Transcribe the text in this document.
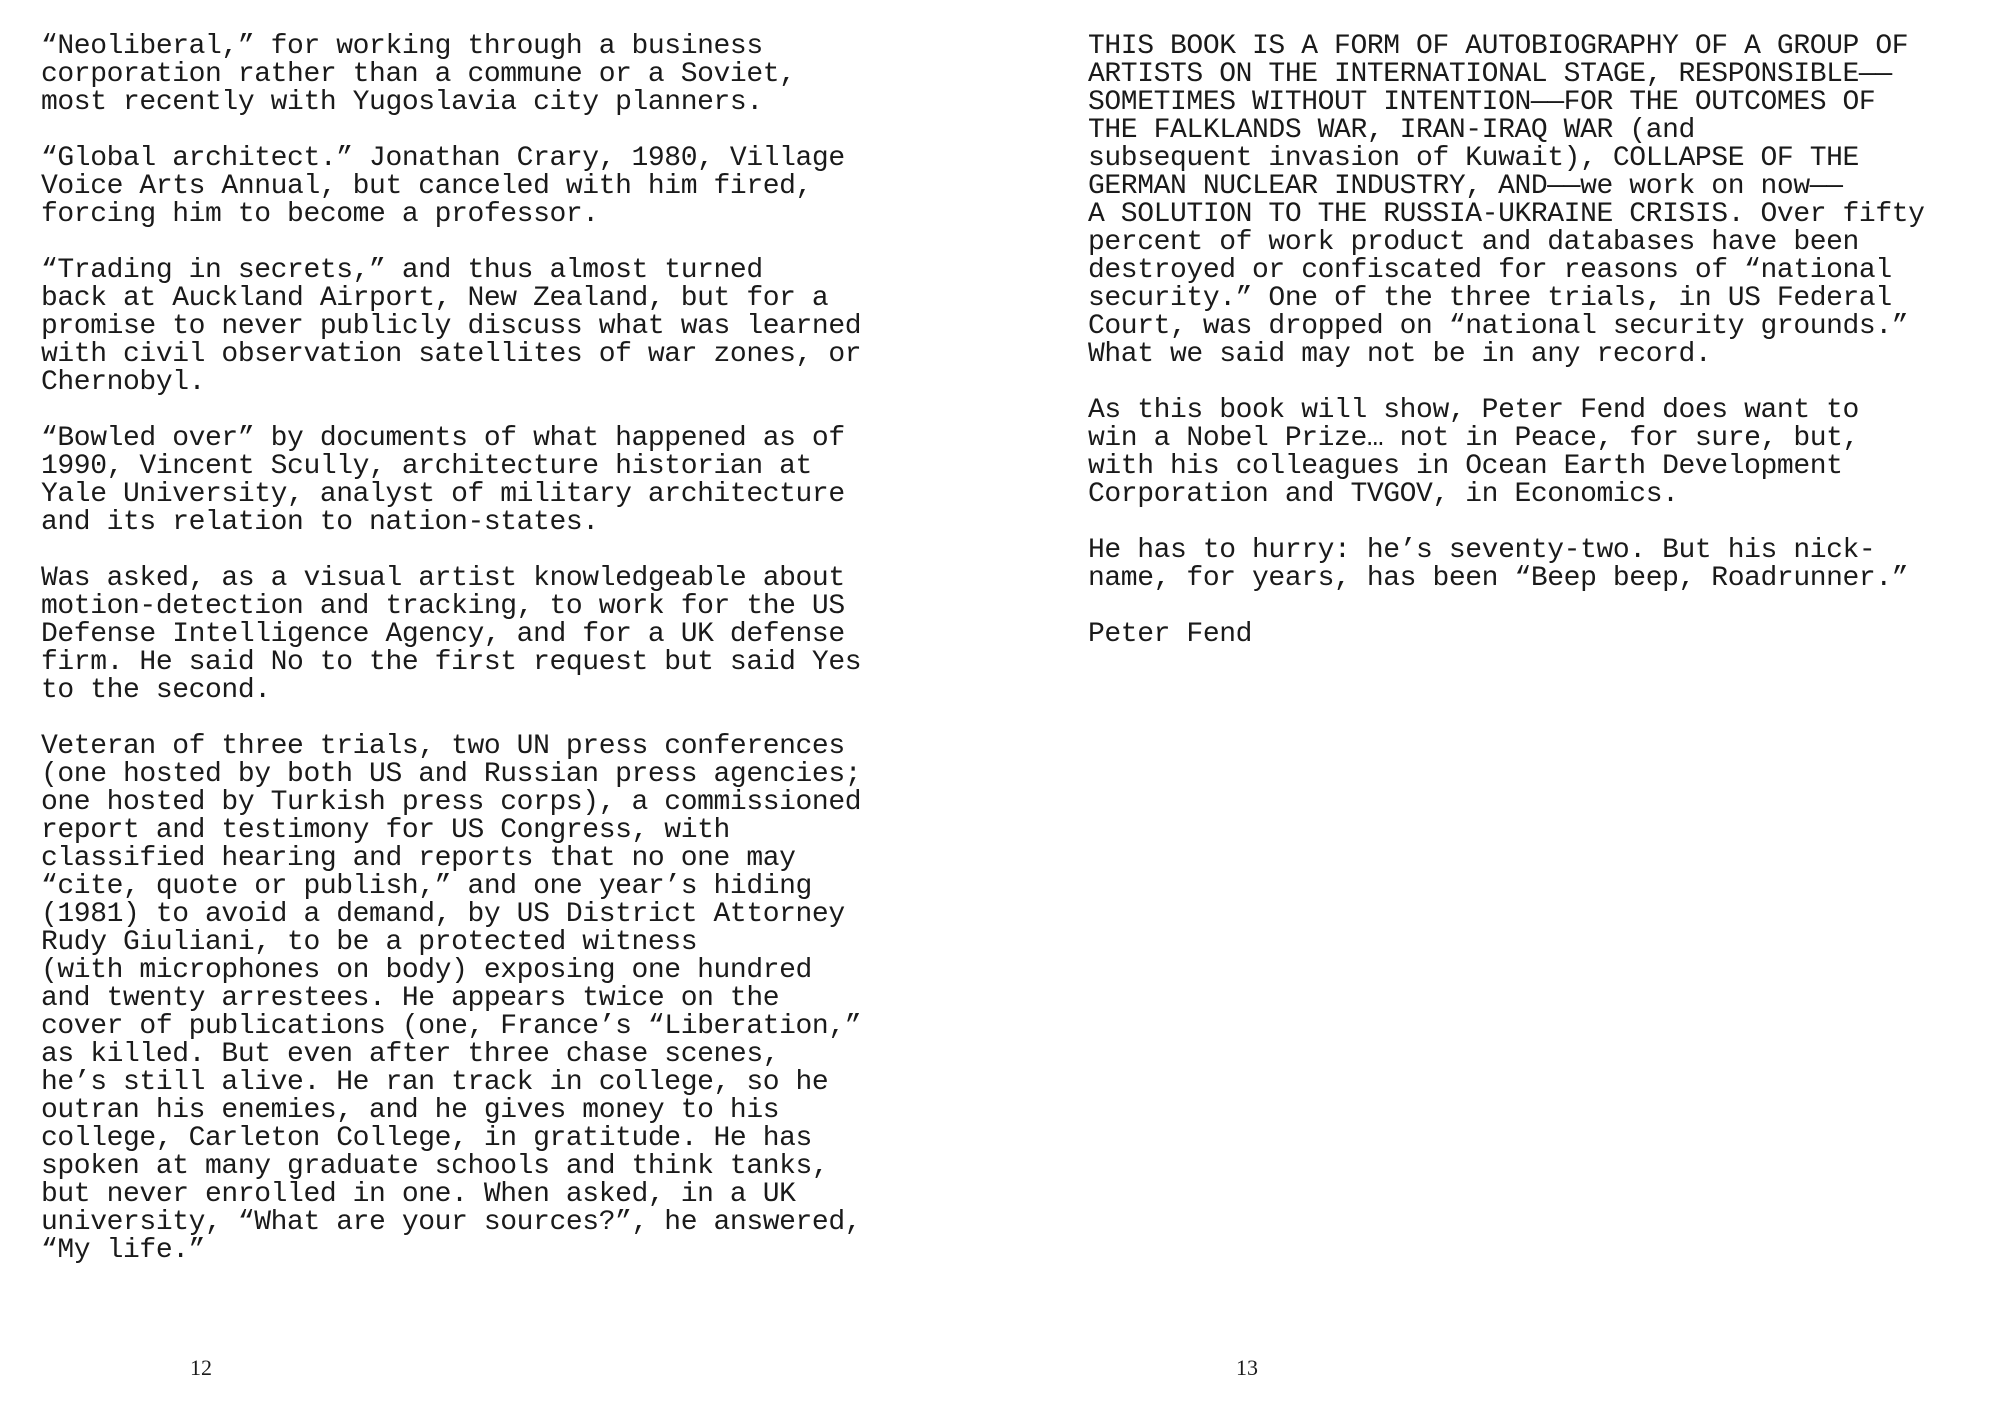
“Neoliberal,” for working through a business
corporation rather than a commune or a Soviet,
most recently with Yugoslavia city planners.
“Global architect.” Jonathan Crary, 1980, Village
Voice Arts Annual, but canceled with him fired,
forcing him to become a professor.
“Trading in secrets,” and thus almost turned
back at Auckland Airport, New Zealand, but for a
promise to never publicly discuss what was learned
with civil observation satellites of war zones, or
Chernobyl.
“Bowled over” by documents of what happened as of
1990, Vincent Scully, architecture historian at
Yale University, analyst of military architecture
and its relation to nation-states.
Was asked, as a visual artist knowledgeable about
motion-detection and tracking, to work for the US
Defense Intelligence Agency, and for a UK defense
firm. He said No to the first request but said Yes
to the second.
Veteran of three trials, two UN press conferences
(one hosted by both US and Russian press agencies;
one hosted by Turkish press corps), a commissioned
report and testimony for US Congress, with
classified hearing and reports that no one may
“cite, quote or publish,” and one year’s hiding
(1981) to avoid a demand, by US District Attorney
Rudy Giuliani, to be a protected witness
(with microphones on body) exposing one hundred
and twenty arrestees. He appears twice on the
cover of publications (one, France’s “Liberation,”
as killed. But even after three chase scenes,
he’s still alive. He ran track in college, so he
outran his enemies, and he gives money to his
college, Carleton College, in gratitude. He has
spoken at many graduate schools and think tanks,
but never enrolled in one. When asked, in a UK
university, “What are your sources?”, he answered,
“My life.”
12
THIS BOOK IS A FORM OF AUTOBIOGRAPHY OF A GROUP OF
ARTISTS ON THE INTERNATIONAL STAGE, RESPONSIBLE——
SOMETIMES WITHOUT INTENTION——FOR THE OUTCOMES OF
THE FALKLANDS WAR, IRAN-IRAQ WAR (and
subsequent invasion of Kuwait), COLLAPSE OF THE
GERMAN NUCLEAR INDUSTRY, AND——we work on now——
A SOLUTION TO THE RUSSIA-UKRAINE CRISIS. Over fifty
percent of work product and databases have been
destroyed or confiscated for reasons of “national
security.” One of the three trials, in US Federal
Court, was dropped on “national security grounds.”
What we said may not be in any record.
As this book will show, Peter Fend does want to
win a Nobel Prize… not in Peace, for sure, but,
with his colleagues in Ocean Earth Development
Corporation and TVGOV, in Economics.
He has to hurry: he’s seventy-two. But his nick-
name, for years, has been “Beep beep, Roadrunner.”
Peter Fend
13
